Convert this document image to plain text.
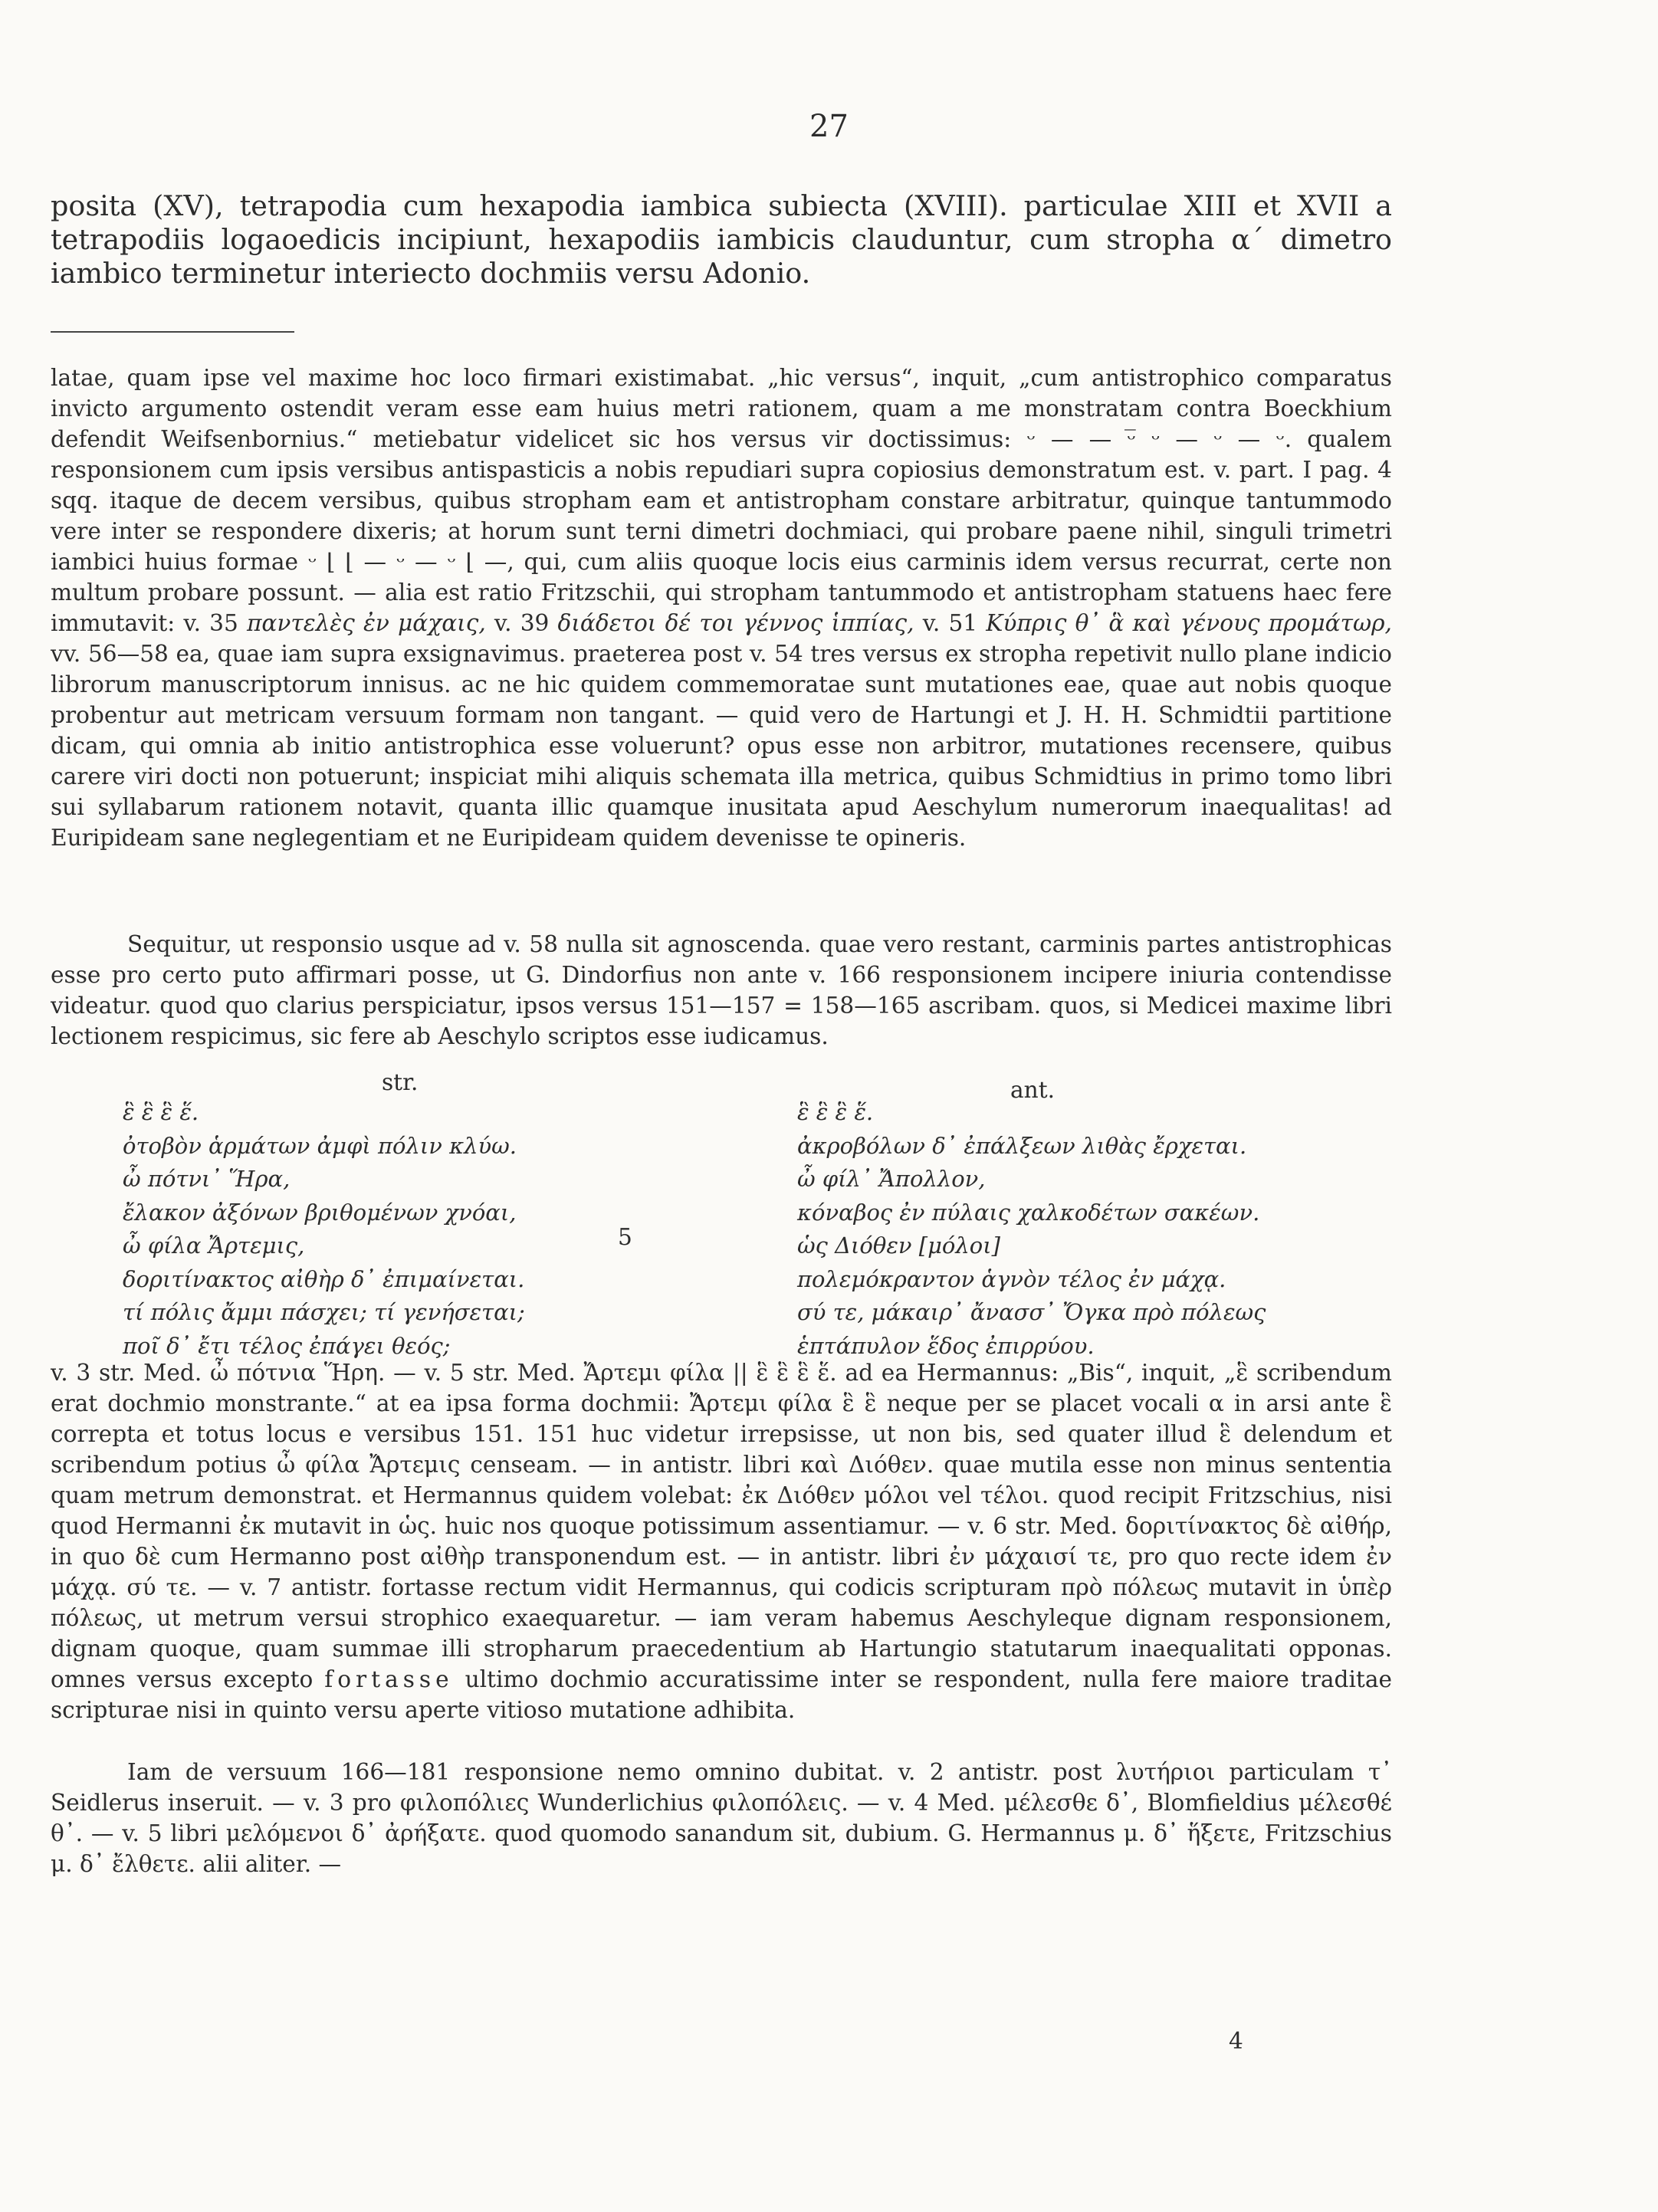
27
posita (XV), tetrapodia cum hexapodia iambica subiecta (XVIII). particulae XIII et XVII a tetrapodiis logaoedicis incipiunt, hexapodiis iambicis clauduntur, cum stropha α΄ dimetro iambico terminetur interiecto dochmiis versu Adonio.

latae, quam ipse vel maxime hoc loco firmari existimabat. „hic versus“, inquit, „cum antistrophico comparatus invicto argumento ostendit veram esse eam huius metri rationem, quam a me monstratam contra Boeckhium defendit Weifsenbornius.“ metiebatur videlicet sic hos versus vir doctissimus: ᵕ — — ᵕ̅ ᵕ — ᵕ — ᵕ. qualem responsionem cum ipsis versibus antispasticis a nobis repudiari supra copiosius demonstratum est. v. part. I pag. 4 sqq. itaque de decem versibus, quibus stropham eam et antistropham constare arbitratur, quinque tantummodo vere inter se respondere dixeris; at horum sunt terni dimetri dochmiaci, qui probare paene nihil, singuli trimetri iambici huius formae ᵕ ⌊ ⌊ — ᵕ — ᵕ ⌊ —, qui, cum aliis quoque locis eius carminis idem versus recurrat, certe non multum probare possunt. — alia est ratio Fritzschii, qui stropham tantummodo et antistropham statuens haec fere immutavit: v. 35 παντελὲς ἐν μάχαις, v. 39 διάδετοι δέ τοι γέννος ἱππίας, v. 51 Κύπρις θ᾽ ἃ καὶ γένους προμάτωρ, vv. 56—58 ea, quae iam supra exsignavimus. praeterea post v. 54 tres versus ex stropha repetivit nullo plane indicio librorum manuscriptorum innisus. ac ne hic quidem commemoratae sunt mutationes eae, quae aut nobis quoque probentur aut metricam versuum formam non tangant. — quid vero de Hartungi et J. H. H. Schmidtii partitione dicam, qui omnia ab initio antistrophica esse voluerunt? opus esse non arbitror, mutationes recensere, quibus carere viri docti non potuerunt; inspiciat mihi aliquis schemata illa metrica, quibus Schmidtius in primo tomo libri sui syllabarum rationem notavit, quanta illic quamque inusitata apud Aeschylum numerorum inaequalitas! ad Euripideam sane neglegentiam et ne Euripideam quidem devenisse te opineris.

Sequitur, ut responsio usque ad v. 58 nulla sit agnoscenda. quae vero restant, carminis partes antistrophicas esse pro certo puto affirmari posse, ut G. Dindorfius non ante v. 166 responsionem incipere iniuria contendisse videatur. quod quo clarius perspiciatur, ipsos versus 151—157 = 158—165 ascribam. quos, si Medicei maxime libri lectionem respicimus, sic fere ab Aeschylo scriptos esse iudicamus.

str.	ant.
ἓ ἓ ἓ ἕ.
ὀτοβὸν ἁρμάτων ἀμφὶ πόλιν κλύω.
ὦ πότνι᾽ Ἥρα,
ἔλακον ἀξόνων βριθομένων χνόαι,
ὦ φίλα Ἄρτεμις,
δοριτίνακτος αἰθὴρ δ᾽ ἐπιμαίνεται.
τί πόλις ἄμμι πάσχει; τί γενήσεται;
ποῖ δ᾽ ἔτι τέλος ἐπάγει θεός;
5
ἓ ἓ ἓ ἕ.
ἀκροβόλων δ᾽ ἐπάλξεων λιθὰς ἔρχεται.
ὦ φίλ᾽ Ἄπολλον,
κόναβος ἐν πύλαις χαλκοδέτων σακέων.
ὡς Διόθεν [μόλοι]
πολεμόκραντον ἁγνὸν τέλος ἐν μάχᾳ.
σύ τε, μάκαιρ᾽ ἄνασσ᾽ Ὄγκα πρὸ πόλεως
ἑπτάπυλον ἕδος ἐπιρρύου.

v. 3 str. Med. ὦ πότνια Ἥρη. — v. 5 str. Med. Ἄρτεμι φίλα || ἓ ἓ ἓ ἕ. ad ea Hermannus: „Bis“, inquit, „ἓ scribendum erat dochmio monstrante.“ at ea ipsa forma dochmii: Ἄρτεμι φίλα ἓ ἓ neque per se placet vocali α in arsi ante ἓ correpta et totus locus e versibus 151. 151 huc videtur irrepsisse, ut non bis, sed quater illud ἓ delendum et scribendum potius ὦ φίλα Ἄρτεμις censeam. — in antistr. libri καὶ Διόθεν. quae mutila esse non minus sententia quam metrum demonstrat. et Hermannus quidem volebat: ἐκ Διόθεν μόλοι vel τέλοι. quod recipit Fritzschius, nisi quod Hermanni ἐκ mutavit in ὡς. huic nos quoque potissimum assentiamur. — v. 6 str. Med. δοριτίνακτος δὲ αἰθήρ, in quo δὲ cum Hermanno post αἰθὴρ transponendum est. — in antistr. libri ἐν μάχαισί τε, pro quo recte idem ἐν μάχᾳ. σύ τε. — v. 7 antistr. fortasse rectum vidit Hermannus, qui codicis scripturam πρὸ πόλεως mutavit in ὑπὲρ πόλεως, ut metrum versui strophico exaequaretur. — iam veram habemus Aeschyleque dignam responsionem, dignam quoque, quam summae illi stropharum praecedentium ab Hartungio statutarum inaequalitati opponas. omnes versus excepto fortasse ultimo dochmio accuratissime inter se respondent, nulla fere maiore traditae scripturae nisi in quinto versu aperte vitioso mutatione adhibita.

Iam de versuum 166—181 responsione nemo omnino dubitat. v. 2 antistr. post λυτήριοι particulam τ᾽ Seidlerus inseruit. — v. 3 pro φιλοπόλιες Wunderlichius φιλοπόλεις. — v. 4 Med. μέλεσθε δ᾽, Blomfieldius μέλεσθέ θ᾽. — v. 5 libri μελόμενοι δ᾽ ἀρήξατε. quod quomodo sanandum sit, dubium. G. Hermannus μ. δ᾽ ἥξετε, Fritzschius μ. δ᾽ ἔλθετε. alii aliter. —

4
